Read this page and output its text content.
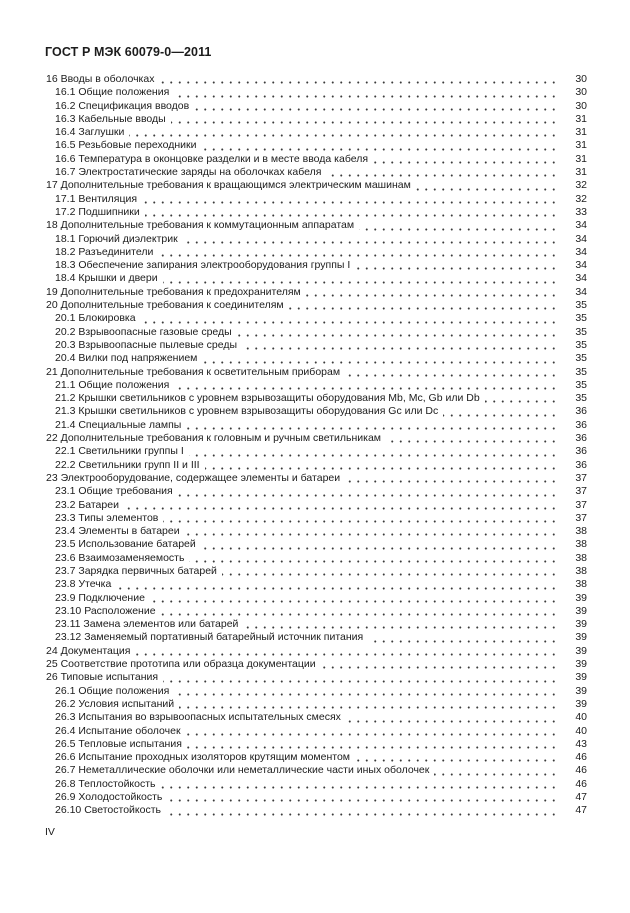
ГОСТ Р МЭК 60079-0—2011
16 Вводы в оболочках	30
16.1 Общие положения	30
16.2 Спецификация вводов	30
16.3 Кабельные вводы	31
16.4 Заглушки	31
16.5 Резьбовые переходники	31
16.6 Температура в оконцовке разделки и в месте ввода кабеля	31
16.7 Электростатические заряды на оболочках кабеля	31
17 Дополнительные требования к вращающимся электрическим машинам	32
17.1 Вентиляция	32
17.2 Подшипники	33
18 Дополнительные требования к коммутационным аппаратам	34
18.1 Горючий диэлектрик	34
18.2 Разъединители	34
18.3 Обеспечение запирания электрооборудования группы I	34
18.4 Крышки и двери	34
19 Дополнительные требования к предохранителям	34
20 Дополнительные требования к соединителям	35
20.1 Блокировка	35
20.2 Взрывоопасные газовые среды	35
20.3 Взрывоопасные пылевые среды	35
20.4 Вилки под напряжением	35
21 Дополнительные требования к осветительным приборам	35
21.1 Общие положения	35
21.2 Крышки светильников с уровнем взрывозащиты оборудования Mb, Mc, Gb или Db	35
21.3 Крышки светильников с уровнем взрывозащиты оборудования Gc или Dc	36
21.4 Специальные лампы	36
22 Дополнительные требования к головным и ручным светильникам	36
22.1 Светильники группы I	36
22.2 Светильники групп II и III	36
23 Электрооборудование, содержащее элементы и батареи	37
23.1 Общие требования	37
23.2 Батареи	37
23.3 Типы элементов	37
23.4 Элементы в батареи	38
23.5 Использование батарей	38
23.6 Взаимозаменяемость	38
23.7 Зарядка первичных батарей	38
23.8 Утечка	38
23.9 Подключение	39
23.10 Расположение	39
23.11 Замена элементов или батарей	39
23.12 Заменяемый портативный батарейный источник питания	39
24 Документация	39
25 Соответствие прототипа или образца документации	39
26 Типовые испытания	39
26.1 Общие положения	39
26.2 Условия испытаний	39
26.3 Испытания во взрывоопасных испытательных смесях	40
26.4 Испытание оболочек	40
26.5 Тепловые испытания	43
26.6 Испытание проходных изоляторов крутящим моментом	46
26.7 Неметаллические оболочки или неметаллические части иных оболочек	46
26.8 Теплостойкость	46
26.9 Холодостойкость	47
26.10 Светостойкость	47
IV
